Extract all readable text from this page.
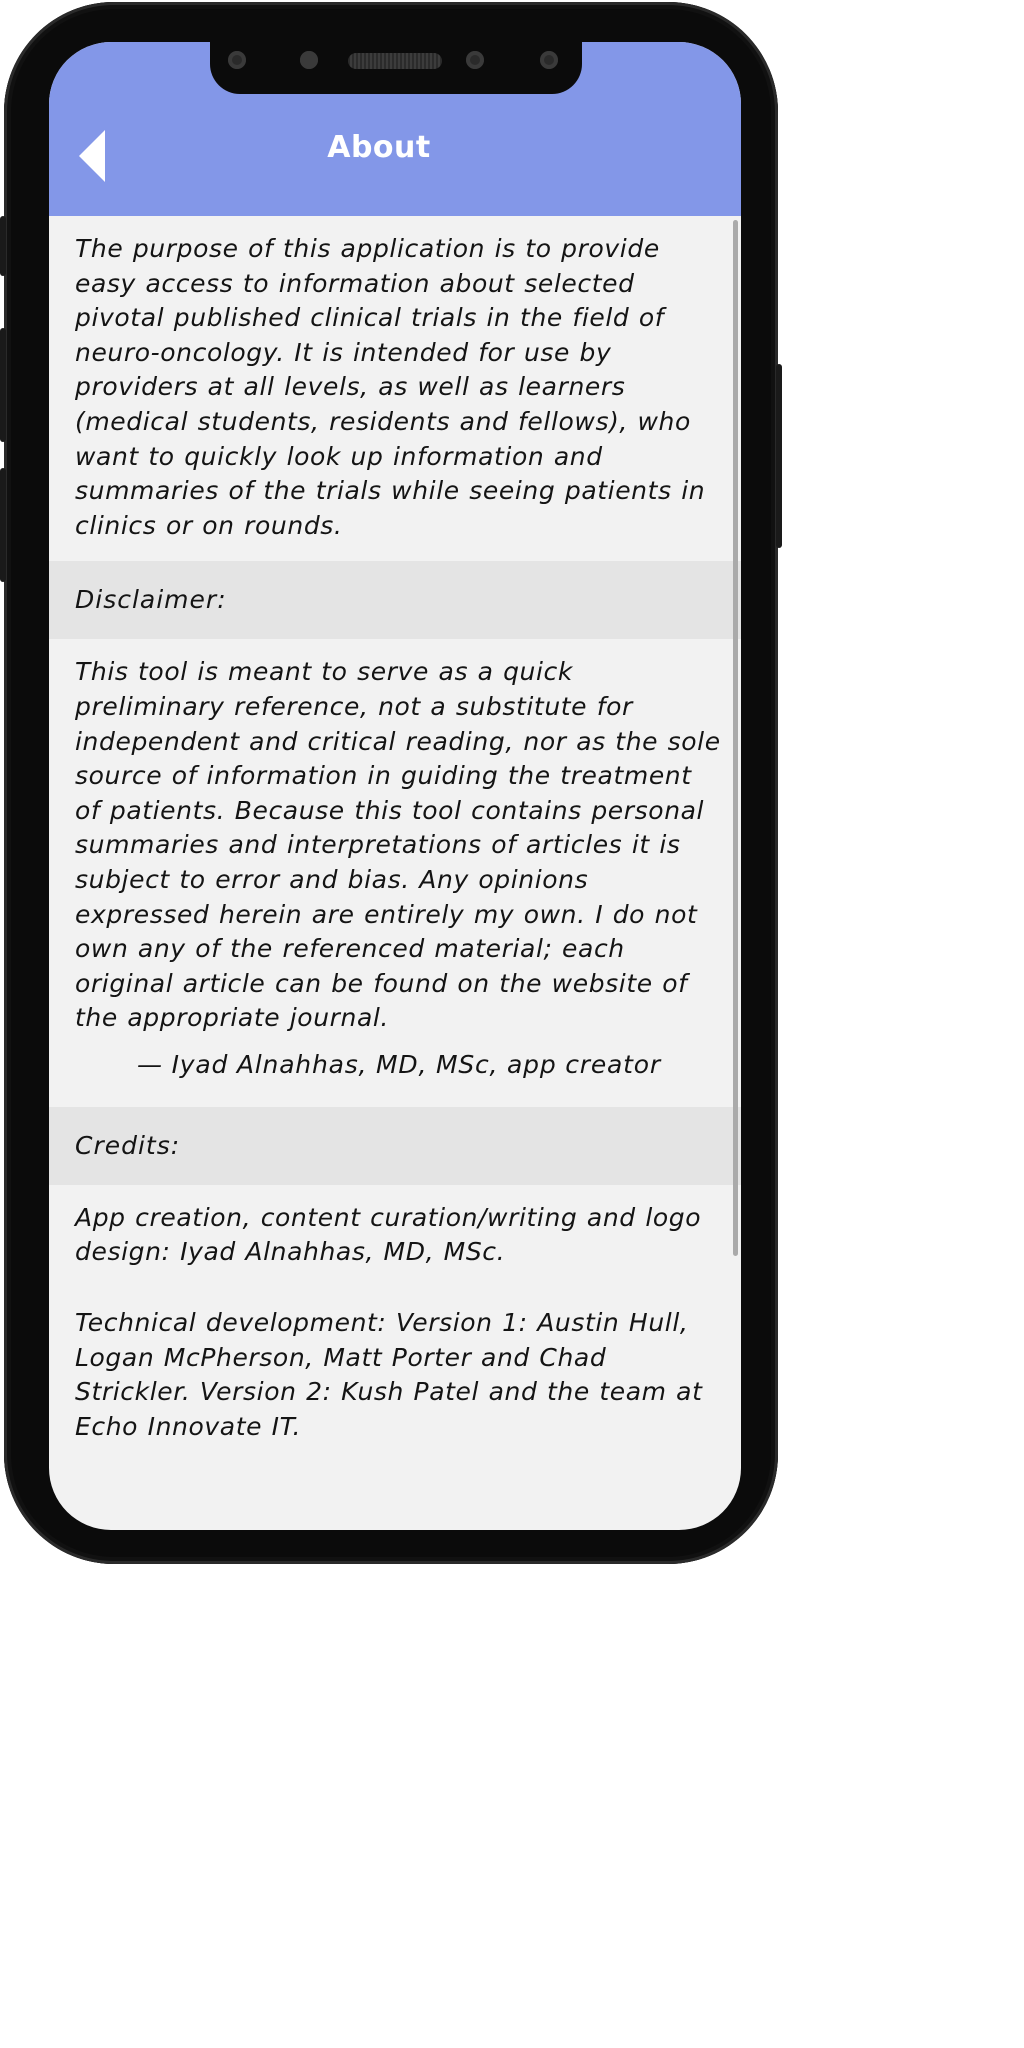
About
The purpose of this application is to provide easy access to information about selected pivotal published clinical trials in the field of neuro-oncology. It is intended for use by providers at all levels, as well as learners (medical students, residents and fellows), who want to quickly look up information and summaries of the trials while seeing patients in clinics or on rounds.
Disclaimer:
This tool is meant to serve as a quick preliminary reference, not a substitute for independent and critical reading, nor as the sole source of information in guiding the treatment of patients. Because this tool contains personal summaries and interpretations of articles it is subject to error and bias. Any opinions expressed herein are entirely my own. I do not own any of the referenced material; each original article can be found on the website of the appropriate journal.
— Iyad Alnahhas, MD, MSc, app creator
Credits:
App creation, content curation/writing and logo design: Iyad Alnahhas, MD, MSc.
Technical development: Version 1: Austin Hull, Logan McPherson, Matt Porter and Chad Strickler. Version 2: Kush Patel and the team at Echo Innovate IT.
